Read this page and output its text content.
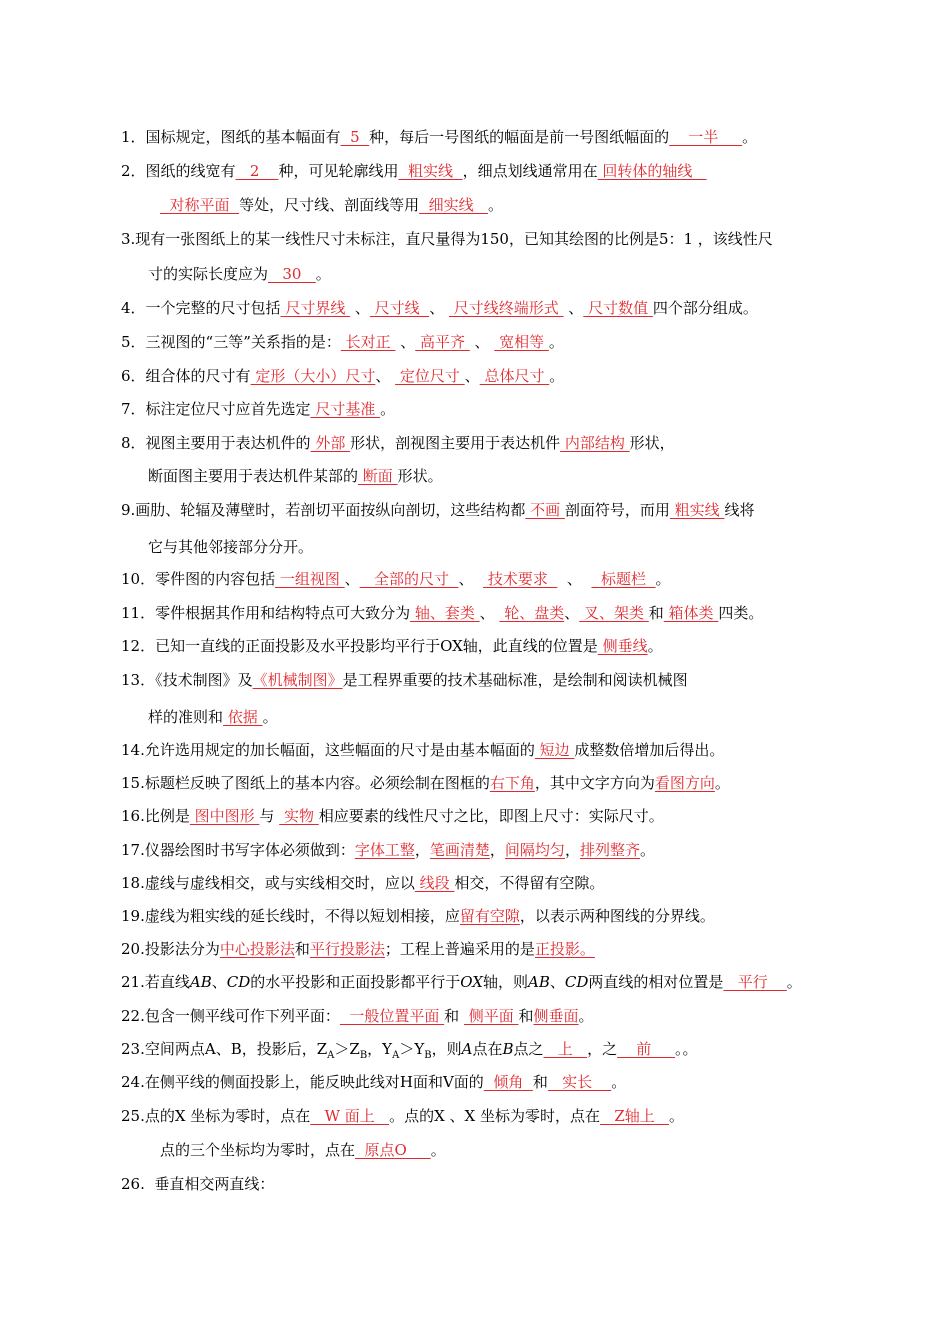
1．国标规定，图纸的基本幅面有  5  种，每后一号图纸的幅面是前一号图纸幅面的    一半     。
2．图纸的线宽有   2    种，可见轮廓线用  粗实线  ，细点划线通常用在 回转体的轴线
对称平面  等处，尺寸线、剖面线等用  细实线   。
3.现有一张图纸上的某一线性尺寸未标注，直尺量得为150，已知其绘图的比例是5：1 ，该线性尺
寸的实际长度应为   30   。
4．一个完整的尺寸包括 尺寸界线  、 尺寸线  、  尺寸线终端形式  、 尺寸数值 四个部分组成。
5．三视图的“三等”关系指的是： 长对正  、 高平齐  、  宽相等 。
6．组合体的尺寸有 定形（大小）尺寸、  定位尺寸 、 总体尺寸 。
7．标注定位尺寸应首先选定 尺寸基准 。
8．视图主要用于表达机件的 外部 形状，剖视图主要用于表达机件 内部结构 形状，
断面图主要用于表达机件某部的 断面 形状。
9.画肋、轮辐及薄壁时，若剖切平面按纵向剖切，这些结构都 不画 剖面符号，而用 粗实线 线将
它与其他邻接部分分开。
10．零件图的内容包括 一组视图 、   全部的尺寸  、   技术要求    、    标题栏  。
11．零件根据其作用和结构特点可大致分为 轴、套类 、  轮、盘类、 叉、架类 和 箱体类 四类。
12．已知一直线的正面投影及水平投影均平行于OX轴，此直线的位置是 侧垂线。
13．《技术制图》及《机械制图》是工程界重要的技术基础标准，是绘制和阅读机械图
样的准则和 依据 。
14.允许选用规定的加长幅面，这些幅面的尺寸是由基本幅面的 短边 成整数倍增加后得出。
15.标题栏反映了图纸上的基本内容。必须绘制在图框的右下角，其中文字方向为看图方向。
16.比例是 图中图形 与  实物 相应要素的线性尺寸之比，即图上尺寸：实际尺寸。
17.仪器绘图时书写字体必须做到：字体工整，笔画清楚，间隔均匀，排列整齐。
18.虚线与虚线相交，或与实线相交时，应以 线段 相交，不得留有空隙。
19.虚线为粗实线的延长线时，不得以短划相接，应留有空隙，以表示两种图线的分界线。
20.投影法分为中心投影法和平行投影法；工程上普遍采用的是正投影。
21.若直线AB、CD的水平投影和正面投影都平行于OX轴，则AB、CD两直线的相对位置是   平行    。
22.包含一侧平线可作下列平面：  一般位置平面 和  侧平面 和侧垂面。
23.空间两点A、B，投影后，$Z_A>Z_B$，$Y_A>Y_B$，则A点在B点之   上   ，之    前     。。
24.在侧平线的侧面投影上，能反映此线对H面和V面的  倾角  和   实长    。
25.点的X 坐标为零时，点在   W 面上   。点的X 、X 坐标为零时，点在   Z轴上   。
点的三个坐标均为零时，点在  原点O     。
26.  垂直相交两直线：
